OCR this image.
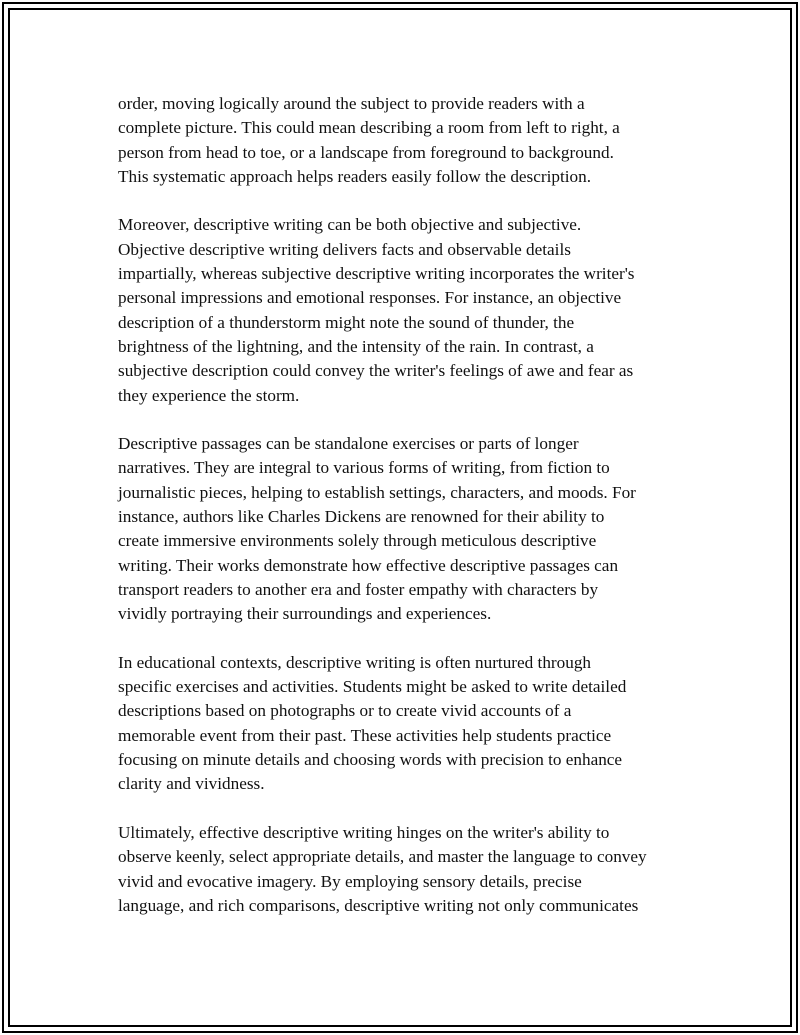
order, moving logically around the subject to provide readers with a
complete picture. This could mean describing a room from left to right, a
person from head to toe, or a landscape from foreground to background.
This systematic approach helps readers easily follow the description.

Moreover, descriptive writing can be both objective and subjective.
Objective descriptive writing delivers facts and observable details
impartially, whereas subjective descriptive writing incorporates the writer's
personal impressions and emotional responses. For instance, an objective
description of a thunderstorm might note the sound of thunder, the
brightness of the lightning, and the intensity of the rain. In contrast, a
subjective description could convey the writer's feelings of awe and fear as
they experience the storm.

Descriptive passages can be standalone exercises or parts of longer
narratives. They are integral to various forms of writing, from fiction to
journalistic pieces, helping to establish settings, characters, and moods. For
instance, authors like Charles Dickens are renowned for their ability to
create immersive environments solely through meticulous descriptive
writing. Their works demonstrate how effective descriptive passages can
transport readers to another era and foster empathy with characters by
vividly portraying their surroundings and experiences.

In educational contexts, descriptive writing is often nurtured through
specific exercises and activities. Students might be asked to write detailed
descriptions based on photographs or to create vivid accounts of a
memorable event from their past. These activities help students practice
focusing on minute details and choosing words with precision to enhance
clarity and vividness.

Ultimately, effective descriptive writing hinges on the writer's ability to
observe keenly, select appropriate details, and master the language to convey
vivid and evocative imagery. By employing sensory details, precise
language, and rich comparisons, descriptive writing not only communicates
